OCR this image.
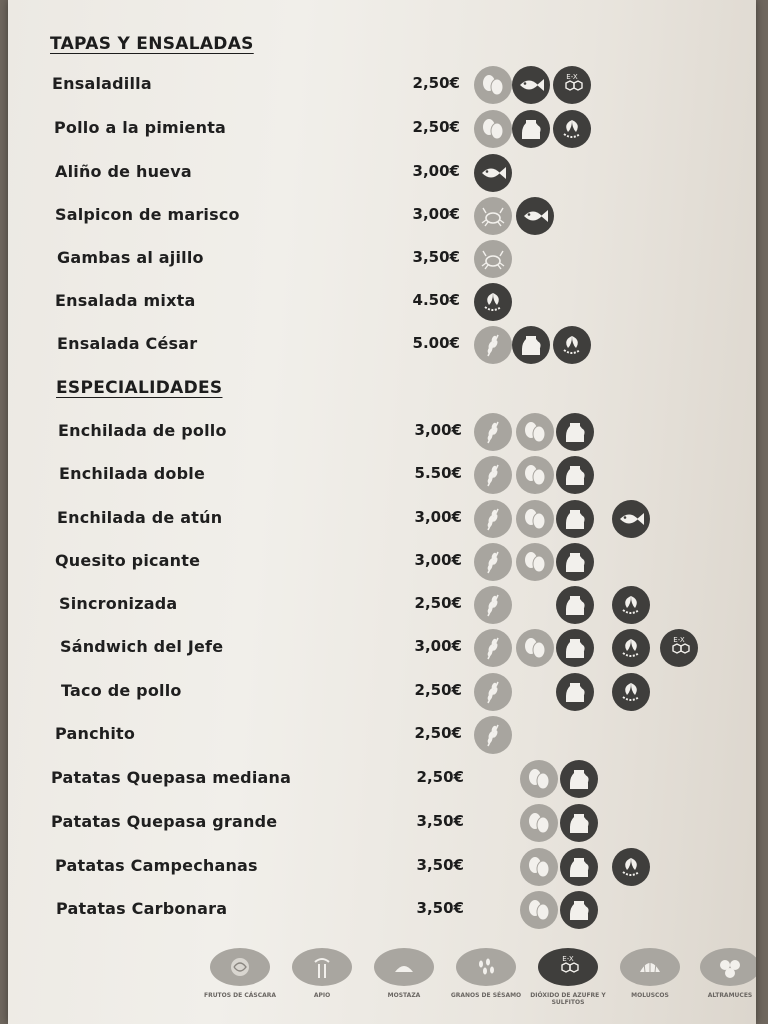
TAPAS Y ENSALADAS
ESPECIALIDADES
Ensaladilla	2,50€	E-X
Pollo a la pimienta	2,50€
Aliño de hueva	3,00€
Salpicon de marisco	3,00€
Gambas al ajillo	3,50€
Ensalada mixta	4.50€
Ensalada César	5.00€
Enchilada de pollo	3,00€
Enchilada doble	5.50€
Enchilada de atún	3,00€
Quesito picante	3,00€
Sincronizada	2,50€
Sándwich del Jefe	3,00€	E-X
Taco de pollo	2,50€
Panchito	2,50€
Patatas Quepasa mediana	2,50€
Patatas Quepasa grande	3,50€
Patatas Campechanas	3,50€
Patatas Carbonara	3,50€
FRUTOS DE CÁSCARA	APIO	MOSTAZA	GRANOS DE SÉSAMO
E-X
DIÓXIDO DE AZUFRE Y SULFITOS
MOLUSCOS	ALTRAMUCES
